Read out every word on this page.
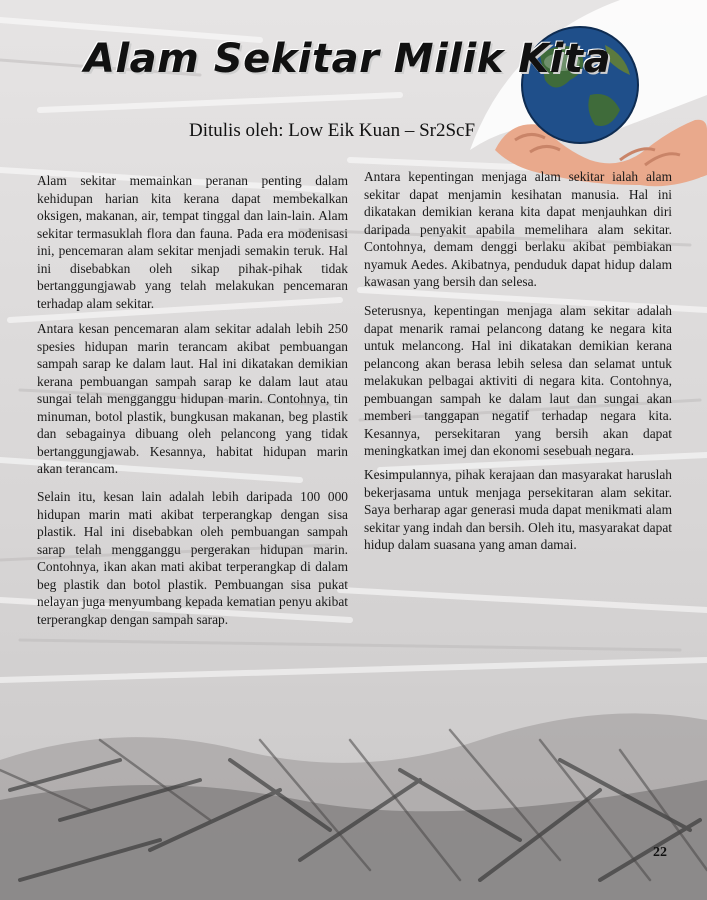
Alam Sekitar Milik Kita
Ditulis oleh: Low Eik Kuan – Sr2ScF

Alam sekitar memainkan peranan penting dalam kehidupan harian kita kerana dapat membekalkan oksigen, makanan, air, tempat tinggal dan lain-lain. Alam sekitar termasuklah flora dan fauna. Pada era modenisasi ini, pencemaran alam sekitar menjadi semakin teruk. Hal ini disebabkan oleh sikap pihak-pihak tidak bertanggungjawab yang telah melakukan pencemaran terhadap alam sekitar.

Antara kesan pencemaran alam sekitar adalah lebih 250 spesies hidupan marin terancam akibat pembuangan sampah sarap ke dalam laut. Hal ini dikatakan demikian kerana pembuangan sampah sarap ke dalam laut atau sungai telah mengganggu hidupan marin. Contohnya, tin minuman, botol plastik, bungkusan makanan, beg plastik dan sebagainya dibuang oleh pelancong yang tidak bertanggungjawab. Kesannya, habitat hidupan marin akan terancam.

Selain itu, kesan lain adalah lebih daripada 100 000 hidupan marin mati akibat terperangkap dengan sisa plastik. Hal ini disebabkan oleh pembuangan sampah sarap telah mengganggu pergerakan hidupan marin. Contohnya, ikan akan mati akibat terperangkap di dalam beg plastik dan botol plastik. Pembuangan sisa pukat nelayan juga menyumbang kepada kematian penyu akibat terperangkap dengan sampah sarap.

Antara kepentingan menjaga alam sekitar ialah alam sekitar dapat menjamin kesihatan manusia. Hal ini dikatakan demikian kerana kita dapat menjauhkan diri daripada penyakit apabila memelihara alam sekitar. Contohnya, demam denggi berlaku akibat pembiakan nyamuk Aedes. Akibatnya, penduduk dapat hidup dalam kawasan yang bersih dan selesa.

Seterusnya, kepentingan menjaga alam sekitar adalah dapat menarik ramai pelancong datang ke negara kita untuk melancong. Hal ini dikatakan demikian kerana pelancong akan berasa lebih selesa dan selamat untuk melakukan pelbagai aktiviti di negara kita. Contohnya, pembuangan sampah ke dalam laut dan sungai akan memberi tanggapan negatif terhadap negara kita. Kesannya, persekitaran yang bersih akan dapat meningkatkan imej dan ekonomi sesebuah negara.

Kesimpulannya, pihak kerajaan dan masyarakat haruslah bekerjasama untuk menjaga persekitaran alam sekitar. Saya berharap agar generasi muda dapat menikmati alam sekitar yang indah dan bersih. Oleh itu, masyarakat dapat hidup dalam suasana yang aman damai.

22
